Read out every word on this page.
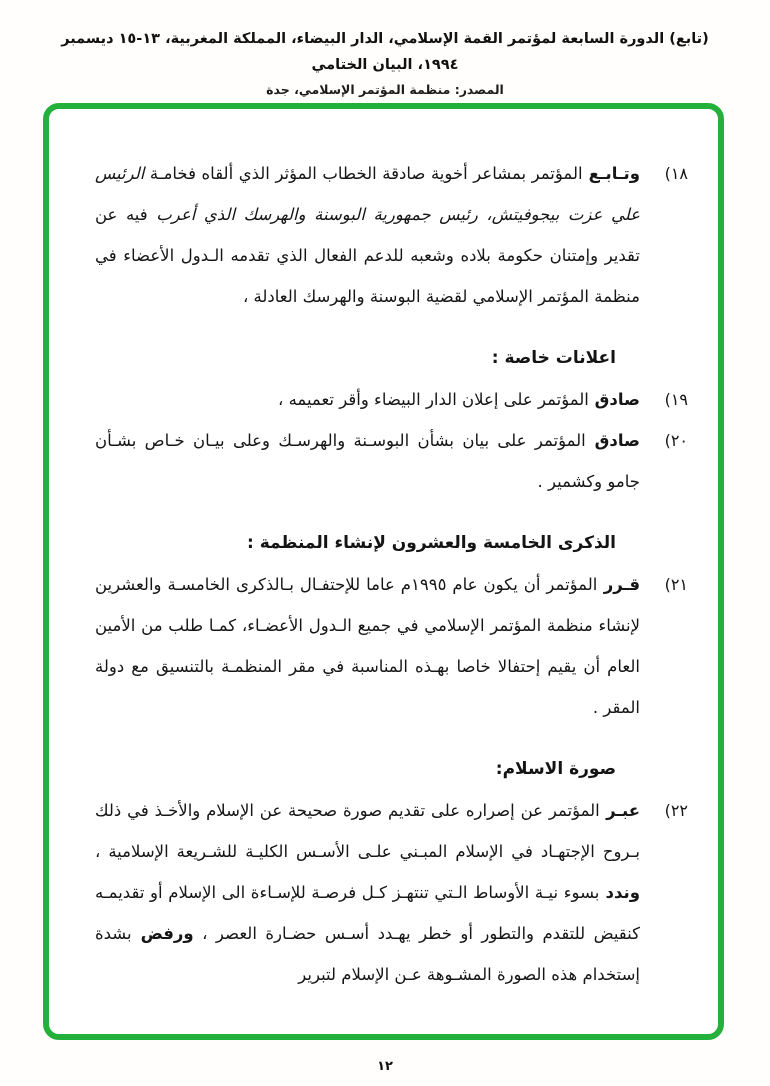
(تابع) الدورة السابعة لمؤتمر القمة الإسلامي، الدار البيضاء، المملكة المغربية، ١٣-١٥ ديسمبر ١٩٩٤، البيان الختامي
المصدر: منظمة المؤتمر الإسلامي، جدة
١٨)
وتـابـع المؤتمر بمشاعر أخوية صادقة الخطاب المؤثر الذي ألقاه فخامـة الرئيس علي عزت بيجوفيتش، رئيس جمهورية البوسنة والهرسك الذي أعرب فيه عن تقدير وإمتنان حكومة بلاده وشعبه للدعم الفعال الذي تقدمه الـدول الأعضاء في منظمة المؤتمر الإسلامي لقضية البوسنة والهرسك العادلة ،
اعلانات خاصة :
١٩)
صادق المؤتمر على إعلان الدار البيضاء وأقر تعميمه ،
٢٠)
صادق المؤتمر على بيان بشأن البوسـنة والهرسـك وعلى بيـان خـاص بشـأن جامو وكشمير .
الذكرى الخامسة والعشرون لإنشاء المنظمة :
٢١)
قـرر المؤتمر أن يكون عام ١٩٩٥م عاما للإحتفـال بـالذكرى الخامسـة والعشرين لإنشاء منظمة المؤتمر الإسلامي في جميع الـدول الأعضـاء، كمـا طلب من الأمين العام أن يقيم إحتفالا خاصا بهـذه المناسبة في مقر المنظمـة بالتنسيق مع دولة المقر .
صورة الاسلام:
٢٢)
عبـر المؤتمر عن إصراره على تقديم صورة صحيحة عن الإسلام والأخـذ في ذلك بـروح الإجتهـاد في الإسلام المبـني علـى الأسـس الكليـة للشـريعة الإسلامية ، وندد بسوء نيـة الأوساط الـتي تنتهـز كـل فرصـة للإسـاءة الى الإسلام أو تقديمـه كنقيض للتقدم والتطور أو خطر يهـدد أسـس حضـارة العصر ، ورفض بشدة إستخدام هذه الصورة المشـوهة عـن الإسلام لتبرير
١٢
